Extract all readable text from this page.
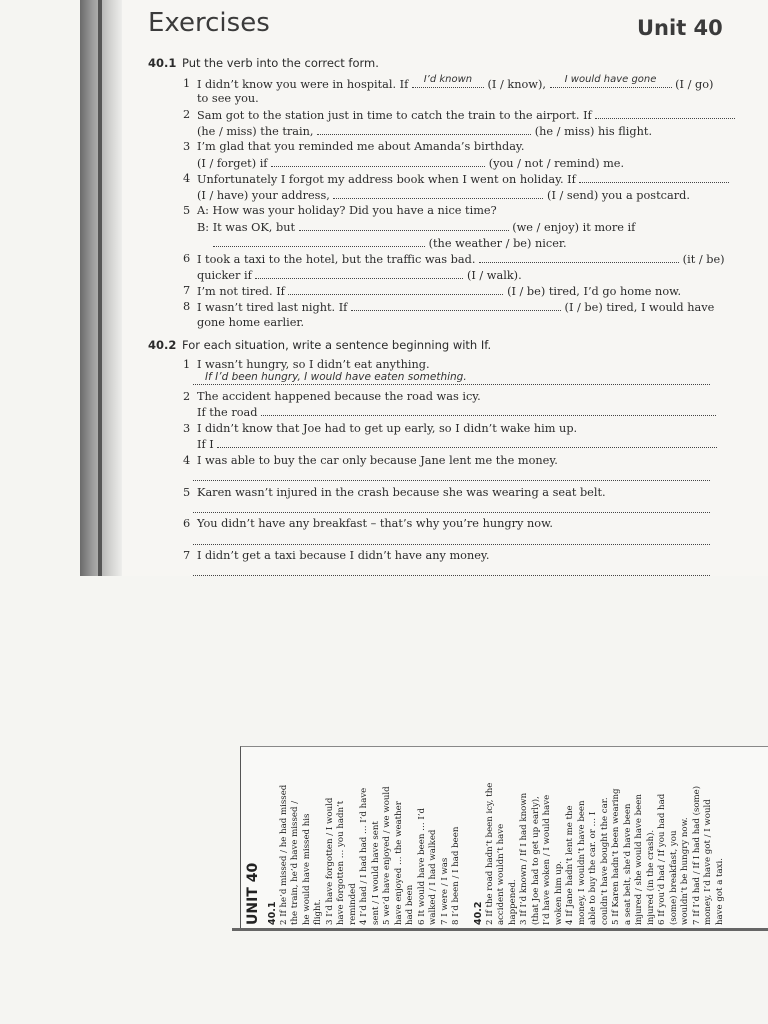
Exercises	Unit 40
40.1 Put the verb into the correct form.
1 I didn’t know you were in hospital. If	I’d known	(I / know),	I would have gone	(I / go)
to see you.
2 Sam got to the station just in time to catch the train to the airport. If
(he / miss) the train,	(he / miss) his flight.
3 I’m glad that you reminded me about Amanda’s birthday.
(I / forget) if	(you / not / remind) me.
4 Unfortunately I forgot my address book when I went on holiday. If
(I / have) your address,	(I / send) you a postcard.
5 A: How was your holiday? Did you have a nice time?
B: It was OK, but	(we / enjoy) it more if
(the weather / be) nicer.
6 I took a taxi to the hotel, but the traffic was bad.	(it / be)
quicker if	(I / walk).
7 I’m not tired. If	(I / be) tired, I’d go home now.
8 I wasn’t tired last night. If	(I / be) tired, I would have
gone home earlier.
40.2 For each situation, write a sentence beginning with If.
1 I wasn’t hungry, so I didn’t eat anything.
If I’d been hungry, I would have eaten something.
2 The accident happened because the road was icy.
If the road
3 I didn’t know that Joe had to get up early, so I didn’t wake him up.
If I
4 I was able to buy the car only because Jane lent me the money.
5 Karen wasn’t injured in the crash because she was wearing a seat belt.
6 You didn’t have any breakfast – that’s why you’re hungry now.
7 I didn’t get a taxi because I didn’t have any money.
UNIT 40 40.1 2 If he’d missed / he had missed the train, he’d have missed / he would have missed his flight. 3 I’d have forgotten / I would have forgotten … you hadn’t reminded 4 I’d had / I had had … I’d have sent / I would have sent 5 we’d have enjoyed / we would have enjoyed … the weather had been 6 It would have been … I’d walked / I had walked 7 I were / I was 8 I’d been / I had been 40.2 2 If the road hadn’t been icy, the accident wouldn’t have happened. 3 If I’d known / If I had known (that Joe had to get up early), I’d have woken / I would have woken him up. 4 If Jane hadn’t lent me the money, I wouldn’t have been able to buy the car. or … I couldn’t have bought the car. 5 If Karen hadn’t been wearing a seat belt, she’d have been injured / she would have been injured (in the crash). 6 If you’d had / If you had had (some) breakfast, you wouldn’t be hungry now. 7 If I’d had / If I had had (some) money, I’d have got / I would have got a taxi.
